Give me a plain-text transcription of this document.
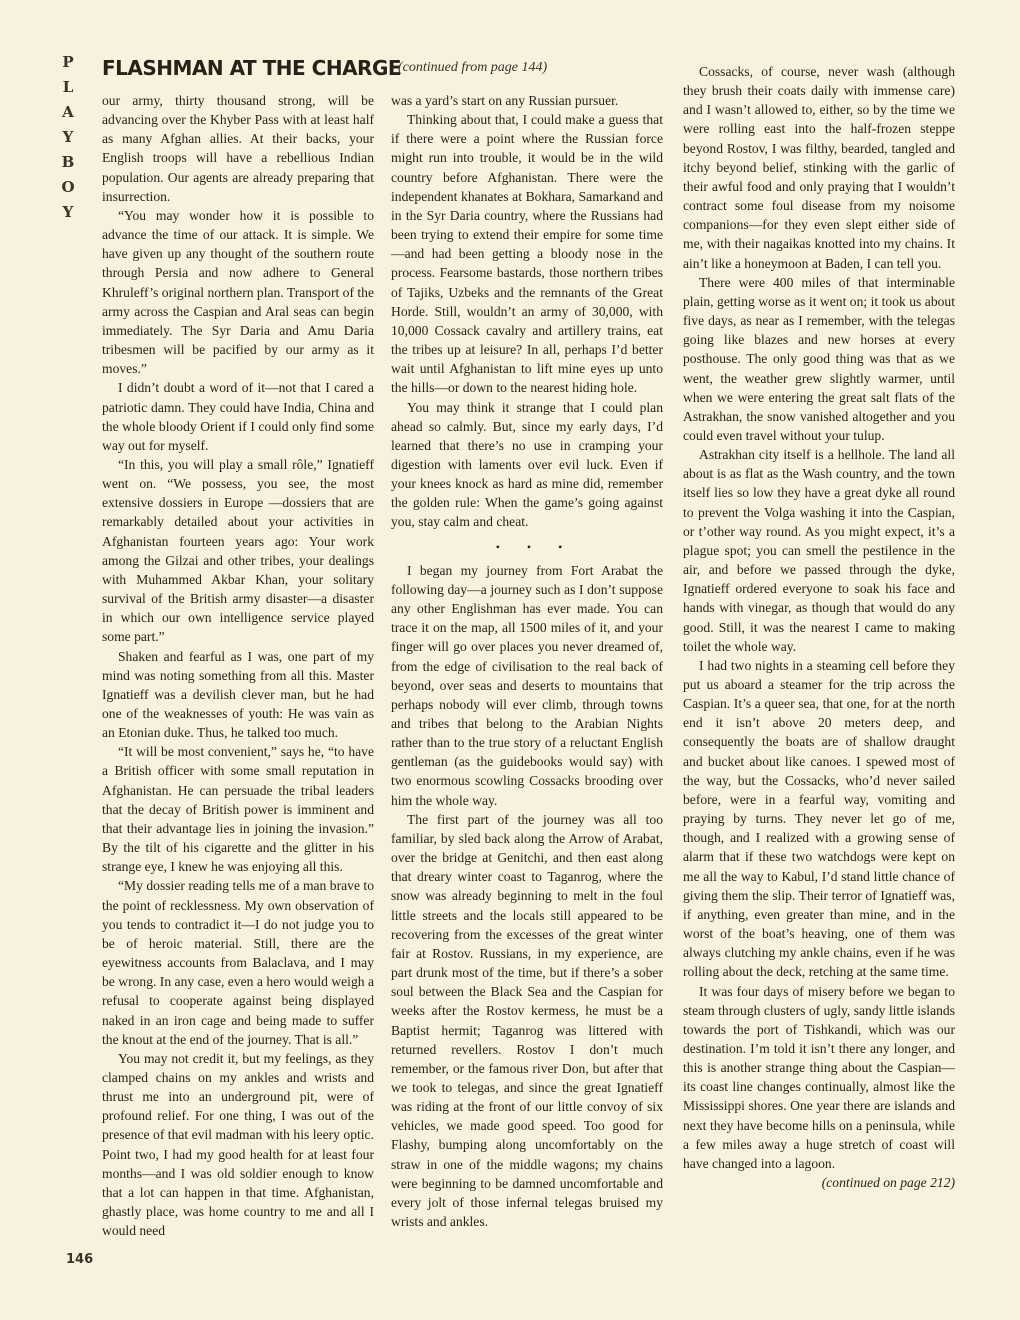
P
L
A
Y
B
O
Y
FLASHMAN AT THE CHARGE
(continued from page 144)

our army, thirty thousand strong, will be advancing over the Khyber Pass with at least half as many Afghan allies. At their backs, your English troops will have a rebellious Indian population. Our agents are already preparing that insurrection.

“You may wonder how it is possible to advance the time of our attack. It is simple. We have given up any thought of the southern route through Persia and now adhere to General Khruleff’s original northern plan. Transport of the army across the Caspian and Aral seas can begin immediately. The Syr Daria and Amu Daria tribesmen will be pacified by our army as it moves.”

I didn’t doubt a word of it—not that I cared a patriotic damn. They could have India, China and the whole bloody Orient if I could only find some way out for myself.

“In this, you will play a small rôle,” Ignatieff went on. “We possess, you see, the most extensive dossiers in Europe —dossiers that are remarkably detailed about your activities in Afghanistan fourteen years ago: Your work among the Gilzai and other tribes, your dealings with Muhammed Akbar Khan, your solitary survival of the British army disaster—a disaster in which our own intelligence service played some part.”

Shaken and fearful as I was, one part of my mind was noting something from all this. Master Ignatieff was a devilish clever man, but he had one of the weaknesses of youth: He was vain as an Etonian duke. Thus, he talked too much.

“It will be most convenient,” says he, “to have a British officer with some small reputation in Afghanistan. He can persuade the tribal leaders that the decay of British power is imminent and that their advantage lies in joining the invasion.” By the tilt of his cigarette and the glitter in his strange eye, I knew he was enjoying all this.

“My dossier reading tells me of a man brave to the point of recklessness. My own observation of you tends to contradict it—I do not judge you to be of heroic material. Still, there are the eyewitness accounts from Balaclava, and I may be wrong. In any case, even a hero would weigh a refusal to cooperate against being displayed naked in an iron cage and being made to suffer the knout at the end of the journey. That is all.”

You may not credit it, but my feelings, as they clamped chains on my ankles and wrists and thrust me into an underground pit, were of profound relief. For one thing, I was out of the presence of that evil madman with his leery optic. Point two, I had my good health for at least four months—and I was old soldier enough to know that a lot can happen in that time. Afghanistan, ghastly place, was home country to me and all I would need

was a yard’s start on any Russian pursuer.

Thinking about that, I could make a guess that if there were a point where the Russian force might run into trouble, it would be in the wild country before Afghanistan. There were the independent khanates at Bokhara, Samarkand and in the Syr Daria country, where the Russians had been trying to extend their empire for some time—and had been getting a bloody nose in the process. Fearsome bastards, those northern tribes of Tajiks, Uzbeks and the remnants of the Great Horde. Still, wouldn’t an army of 30,000, with 10,000 Cossack cavalry and artillery trains, eat the tribes up at leisure? In all, perhaps I’d better wait until Afghanistan to lift mine eyes up unto the hills—or down to the nearest hiding hole.

You may think it strange that I could plan ahead so calmly. But, since my early days, I’d learned that there’s no use in cramping your digestion with laments over evil luck. Even if your knees knock as hard as mine did, remember the golden rule: When the game’s going against you, stay calm and cheat.

• • •

I began my journey from Fort Arabat the following day—a journey such as I don’t suppose any other Englishman has ever made. You can trace it on the map, all 1500 miles of it, and your finger will go over places you never dreamed of, from the edge of civilisation to the real back of beyond, over seas and deserts to mountains that perhaps nobody will ever climb, through towns and tribes that belong to the Arabian Nights rather than to the true story of a reluctant English gentleman (as the guidebooks would say) with two enormous scowling Cossacks brooding over him the whole way.

The first part of the journey was all too familiar, by sled back along the Arrow of Arabat, over the bridge at Genitchi, and then east along that dreary winter coast to Taganrog, where the snow was already beginning to melt in the foul little streets and the locals still appeared to be recovering from the excesses of the great winter fair at Rostov. Russians, in my experience, are part drunk most of the time, but if there’s a sober soul between the Black Sea and the Caspian for weeks after the Rostov kermess, he must be a Baptist hermit; Taganrog was littered with returned revellers. Rostov I don’t much remember, or the famous river Don, but after that we took to telegas, and since the great Ignatieff was riding at the front of our little convoy of six vehicles, we made good speed. Too good for Flashy, bumping along uncomfortably on the straw in one of the middle wagons; my chains were beginning to be damned uncomfortable and every jolt of those infernal telegas bruised my wrists and ankles.

Cossacks, of course, never wash (although they brush their coats daily with immense care) and I wasn’t allowed to, either, so by the time we were rolling east into the half-frozen steppe beyond Rostov, I was filthy, bearded, tangled and itchy beyond belief, stinking with the garlic of their awful food and only praying that I wouldn’t contract some foul disease from my noisome companions—for they even slept either side of me, with their nagaikas knotted into my chains. It ain’t like a honeymoon at Baden, I can tell you.

There were 400 miles of that interminable plain, getting worse as it went on; it took us about five days, as near as I remember, with the telegas going like blazes and new horses at every posthouse. The only good thing was that as we went, the weather grew slightly warmer, until when we were entering the great salt flats of the Astrakhan, the snow vanished altogether and you could even travel without your tulup.

Astrakhan city itself is a hellhole. The land all about is as flat as the Wash country, and the town itself lies so low they have a great dyke all round to prevent the Volga washing it into the Caspian, or t’other way round. As you might expect, it’s a plague spot; you can smell the pestilence in the air, and before we passed through the dyke, Ignatieff ordered everyone to soak his face and hands with vinegar, as though that would do any good. Still, it was the nearest I came to making toilet the whole way.

I had two nights in a steaming cell before they put us aboard a steamer for the trip across the Caspian. It’s a queer sea, that one, for at the north end it isn’t above 20 meters deep, and consequently the boats are of shallow draught and bucket about like canoes. I spewed most of the way, but the Cossacks, who’d never sailed before, were in a fearful way, vomiting and praying by turns. They never let go of me, though, and I realized with a growing sense of alarm that if these two watchdogs were kept on me all the way to Kabul, I’d stand little chance of giving them the slip. Their terror of Ignatieff was, if anything, even greater than mine, and in the worst of the boat’s heaving, one of them was always clutching my ankle chains, even if he was rolling about the deck, retching at the same time.

It was four days of misery before we began to steam through clusters of ugly, sandy little islands towards the port of Tishkandi, which was our destination. I’m told it isn’t there any longer, and this is another strange thing about the Caspian—its coast line changes continually, almost like the Mississippi shores. One year there are islands and next they have become hills on a peninsula, while a few miles away a huge stretch of coast will have changed into a lagoon.

(continued on page 212)

146
